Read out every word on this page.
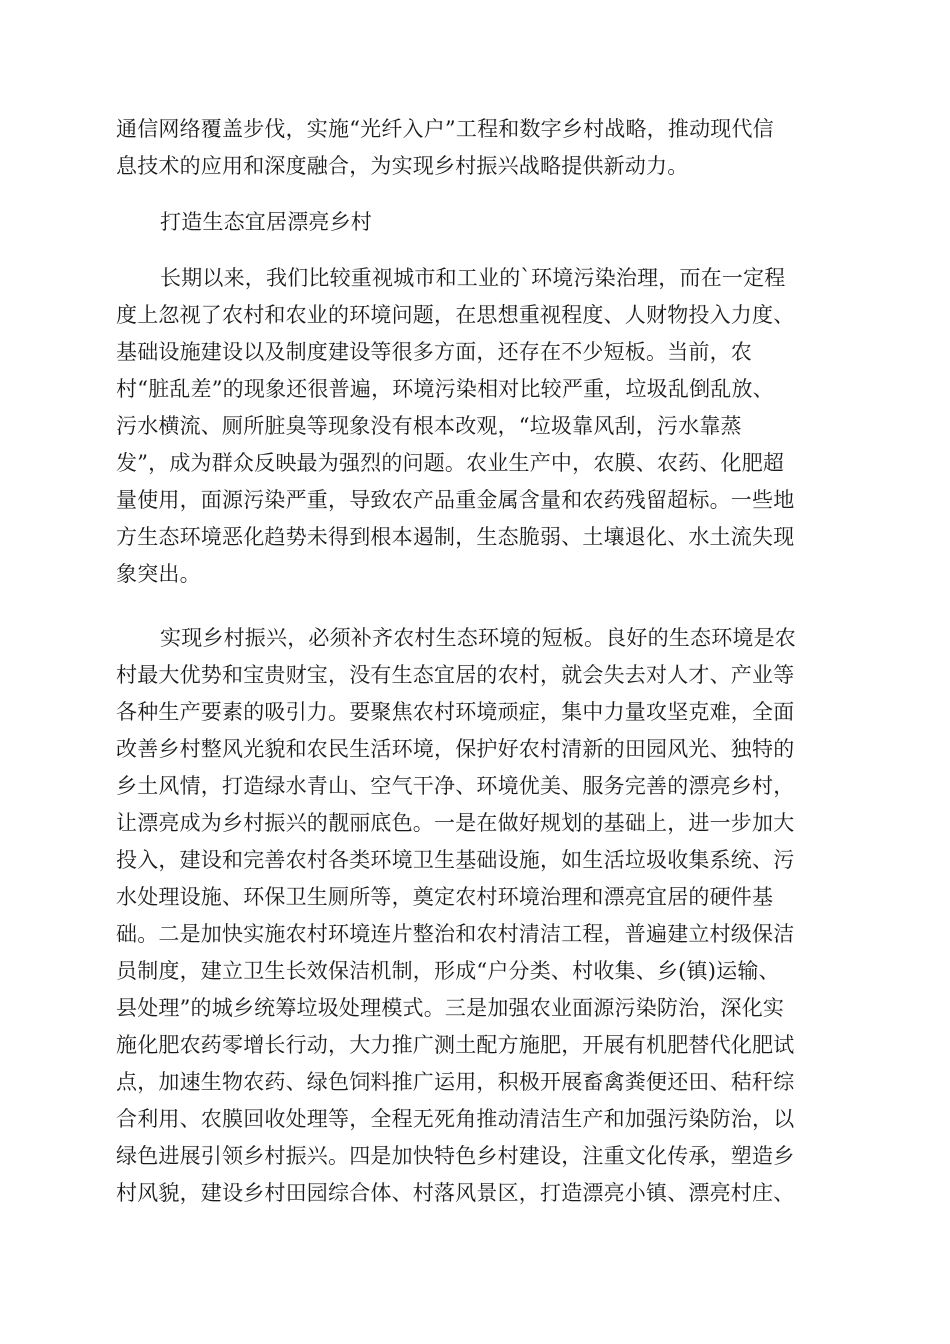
通信网络覆盖步伐，实施“光纤入户”工程和数字乡村战略，推动现代信

息技术的应用和深度融合，为实现乡村振兴战略提供新动力。

打造生态宜居漂亮乡村

长期以来，我们比较重视城市和工业的`环境污染治理，而在一定程

度上忽视了农村和农业的环境问题，在思想重视程度、人财物投入力度、

基础设施建设以及制度建设等很多方面，还存在不少短板。当前，农

村“脏乱差”的现象还很普遍，环境污染相对比较严重，垃圾乱倒乱放、

污水横流、厕所脏臭等现象没有根本改观，“垃圾靠风刮，污水靠蒸

发”，成为群众反映最为强烈的问题。农业生产中，农膜、农药、化肥超

量使用，面源污染严重，导致农产品重金属含量和农药残留超标。一些地

方生态环境恶化趋势未得到根本遏制，生态脆弱、土壤退化、水土流失现

象突出。

实现乡村振兴，必须补齐农村生态环境的短板。良好的生态环境是农

村最大优势和宝贵财宝，没有生态宜居的农村，就会失去对人才、产业等

各种生产要素的吸引力。要聚焦农村环境顽症，集中力量攻坚克难，全面

改善乡村整风光貌和农民生活环境，保护好农村清新的田园风光、独特的

乡土风情，打造绿水青山、空气干净、环境优美、服务完善的漂亮乡村，

让漂亮成为乡村振兴的靓丽底色。一是在做好规划的基础上，进一步加大

投入，建设和完善农村各类环境卫生基础设施，如生活垃圾收集系统、污

水处理设施、环保卫生厕所等，奠定农村环境治理和漂亮宜居的硬件基

础。二是加快实施农村环境连片整治和农村清洁工程，普遍建立村级保洁

员制度，建立卫生长效保洁机制，形成“户分类、村收集、乡(镇)运输、

县处理”的城乡统筹垃圾处理模式。三是加强农业面源污染防治，深化实

施化肥农药零增长行动，大力推广测土配方施肥，开展有机肥替代化肥试

点，加速生物农药、绿色饲料推广运用，积极开展畜禽粪便还田、秸秆综

合利用、农膜回收处理等，全程无死角推动清洁生产和加强污染防治，以

绿色进展引领乡村振兴。四是加快特色乡村建设，注重文化传承，塑造乡

村风貌，建设乡村田园综合体、村落风景区，打造漂亮小镇、漂亮村庄、
